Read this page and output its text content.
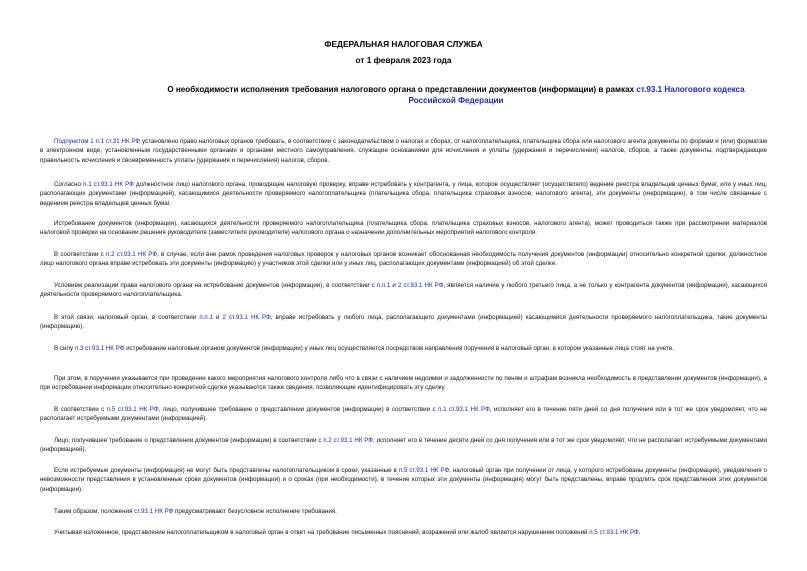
ФЕДЕРАЛЬНАЯ НАЛОГОВАЯ СЛУЖБА
от 1 февраля 2023 года
О необходимости исполнения требования налогового органа о представлении документов (информации) в рамках ст.93.1 Налогового кодекса Российской Федерации

Подпунктом 1 п.1 ст.31 НК РФ установлено право налоговых органов требовать, в соответствии с законодательством о налогах и сборах, от налогоплательщика, плательщика сбора или налогового агента документы по формам и (или) форматам в электронном виде, установленным государственными органами и органами местного самоуправления, служащие основаниями для исчисления и уплаты (удержания и перечисления) налогов, сборов, а также документы, подтверждающие правильность исчисления и своевременность уплаты (удержания и перечисления) налогов, сборов.

Согласно п.1 ст.93.1 НК РФ должностное лицо налогового органа, проводящее налоговую проверку, вправе истребовать у контрагента, у лица, которое осуществляет (осуществляло) ведение реестра владельцев ценных бумаг, или у иных лиц, располагающих документами (информацией), касающимися деятельности проверяемого налогоплательщика (плательщика сбора, плательщика страховых взносов, налогового агента), эти документы (информацию), в том числе связанные с ведением реестра владельцев ценных бумаг.

Истребование документов (информации), касающихся деятельности проверяемого налогоплательщика (плательщика сбора, плательщика страховых взносов, налогового агента), может проводиться также при рассмотрении материалов налоговой проверки на основании решения руководителя (заместителя руководителя) налогового органа о назначении дополнительных мероприятий налогового контроля.

В соответствии с п.2 ст.93.1 НК РФ, в случае, если вне рамок проведения налоговых проверок у налоговых органов возникает обоснованная необходимость получения документов (информации) относительно конкретной сделки, должностное лицо налогового органа вправе истребовать эти документы (информацию) у участников этой сделки или у иных лиц, располагающих документами (информацией) об этой сделке.

Условием реализации права налогового органа на истребование документов (информации), в соответствии с п.п.1 и 2 ст.93.1 НК РФ, является наличие у любого третьего лица, а не только у контрагента документов (информации), касающихся деятельности проверяемого налогоплательщика.

В этой связи, налоговый орган, в соответствии п.п.1 и 2 ст.93.1 НК РФ, вправе истребовать у любого лица, располагающего документами (информацией) касающимися деятельности проверяемого налогоплательщика, такие документы (информацию).

В силу п.3 ст.93.1 НК РФ истребование налоговым органом документов (информации) у иных лиц осуществляется посредством направления поручения в налоговый орган, в котором указанные лица стоят на учете.

При этом, в поручении указывается при проведении какого мероприятия налогового контроля либо что в связи с наличием недоимки и задолженности по пеням и штрафам возникла необходимость в представлении документов (информации), а при истребовании информации относительно конкретной сделки указываются также сведения, позволяющие идентифицировать эту сделку.

В соответствии с п.5 ст.93.1 НК РФ, лицо, получившее требование о представлении документов (информации) в соответствии с п.1 ст.93.1 НК РФ, исполняет его в течение пяти дней со дня получения или в тот же срок уведомляет, что не располагает истребуемыми документами (информацией).

Лицо, получившее требование о представлении документов (информации) в соответствии с п.2 ст.93.1 НК РФ, исполняет его в течение десяти дней со дня получения или в тот же срок уведомляет, что не располагает истребуемыми документами (информацией).

Если истребуемые документы (информация) не могут быть представлены налогоплательщиком в сроки, указанные в п.5 ст.93.1 НК РФ, налоговый орган при получении от лица, у которого истребованы документы (информация), уведомления о невозможности представления в установленные сроки документов (информации) и о сроках (при необходимости), в течение которых эти документы (информация) могут быть представлены, вправе продлить срок представления этих документов (информации).

Таким образом, положения ст.93.1 НК РФ предусматривают безусловное исполнение требования.

Учитывая изложенное, представление налогоплательщиком в налоговый орган в ответ на требование письменных пояснений, возражений или жалоб является нарушением положений п.5 ст.93.1 НК РФ.
